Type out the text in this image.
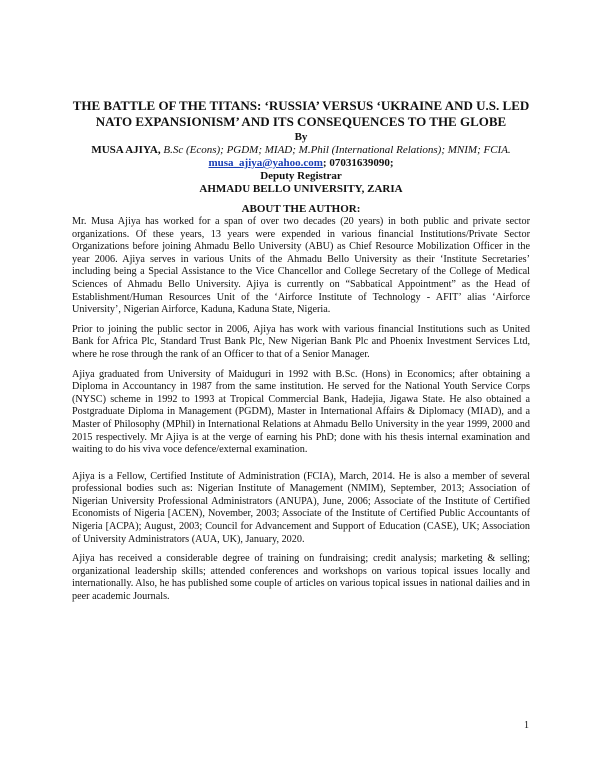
THE BATTLE OF THE TITANS: ‘RUSSIA’ VERSUS ‘UKRAINE AND U.S. LED NATO EXPANSIONISM’ AND ITS CONSEQUENCES TO THE GLOBE

By

MUSA AJIYA, B.Sc (Econs); PGDM; MIAD; M.Phil (International Relations); MNIM; FCIA.

musa_ajiya@yahoo.com; 07031639090;

Deputy Registrar

AHMADU BELLO UNIVERSITY, ZARIA

ABOUT THE AUTHOR:

Mr. Musa Ajiya has worked for a span of over two decades (20 years) in both public and private sector organizations. Of these years, 13 years were expended in various financial Institutions/Private Sector Organizations before joining Ahmadu Bello University (ABU) as Chief Resource Mobilization Officer in the year 2006. Ajiya serves in various Units of the Ahmadu Bello University as their ‘Institute Secretaries’ including being a Special Assistance to the Vice Chancellor and College Secretary of the College of Medical Sciences of Ahmadu Bello University. Ajiya is currently on “Sabbatical Appointment” as the Head of Establishment/Human Resources Unit of the ‘Airforce Institute of Technology - AFIT’ alias ‘Airforce University’, Nigerian Airforce, Kaduna, Kaduna State, Nigeria.

Prior to joining the public sector in 2006, Ajiya has work with various financial Institutions such as United Bank for Africa Plc, Standard Trust Bank Plc, New Nigerian Bank Plc and Phoenix Investment Services Ltd, where he rose through the rank of an Officer to that of a Senior Manager.

Ajiya graduated from University of Maiduguri in 1992 with B.Sc. (Hons) in Economics; after obtaining a Diploma in Accountancy in 1987 from the same institution. He served for the National Youth Service Corps (NYSC) scheme in 1992 to 1993 at Tropical Commercial Bank, Hadejia, Jigawa State. He also obtained a Postgraduate Diploma in Management (PGDM), Master in International Affairs & Diplomacy (MIAD), and a Master of Philosophy (MPhil) in International Relations at Ahmadu Bello University in the year 1999, 2000 and 2015 respectively. Mr Ajiya is at the verge of earning his PhD; done with his thesis internal examination and waiting to do his viva voce defence/external examination.

Ajiya is a Fellow, Certified Institute of Administration (FCIA), March, 2014. He is also a member of several professional bodies such as: Nigerian Institute of Management (NMIM), September, 2013; Association of Nigerian University Professional Administrators (ANUPA), June, 2006; Associate of the Institute of Certified Economists of Nigeria [ACEN), November, 2003; Associate of the Institute of Certified Public Accountants of Nigeria [ACPA); August, 2003; Council for Advancement and Support of Education (CASE), UK; Association of University Administrators (AUA, UK), January, 2020.

Ajiya has received a considerable degree of training on fundraising; credit analysis; marketing & selling; organizational leadership skills; attended conferences and workshops on various topical issues locally and internationally. Also, he has published some couple of articles on various topical issues in national dailies and in peer academic Journals.

1
